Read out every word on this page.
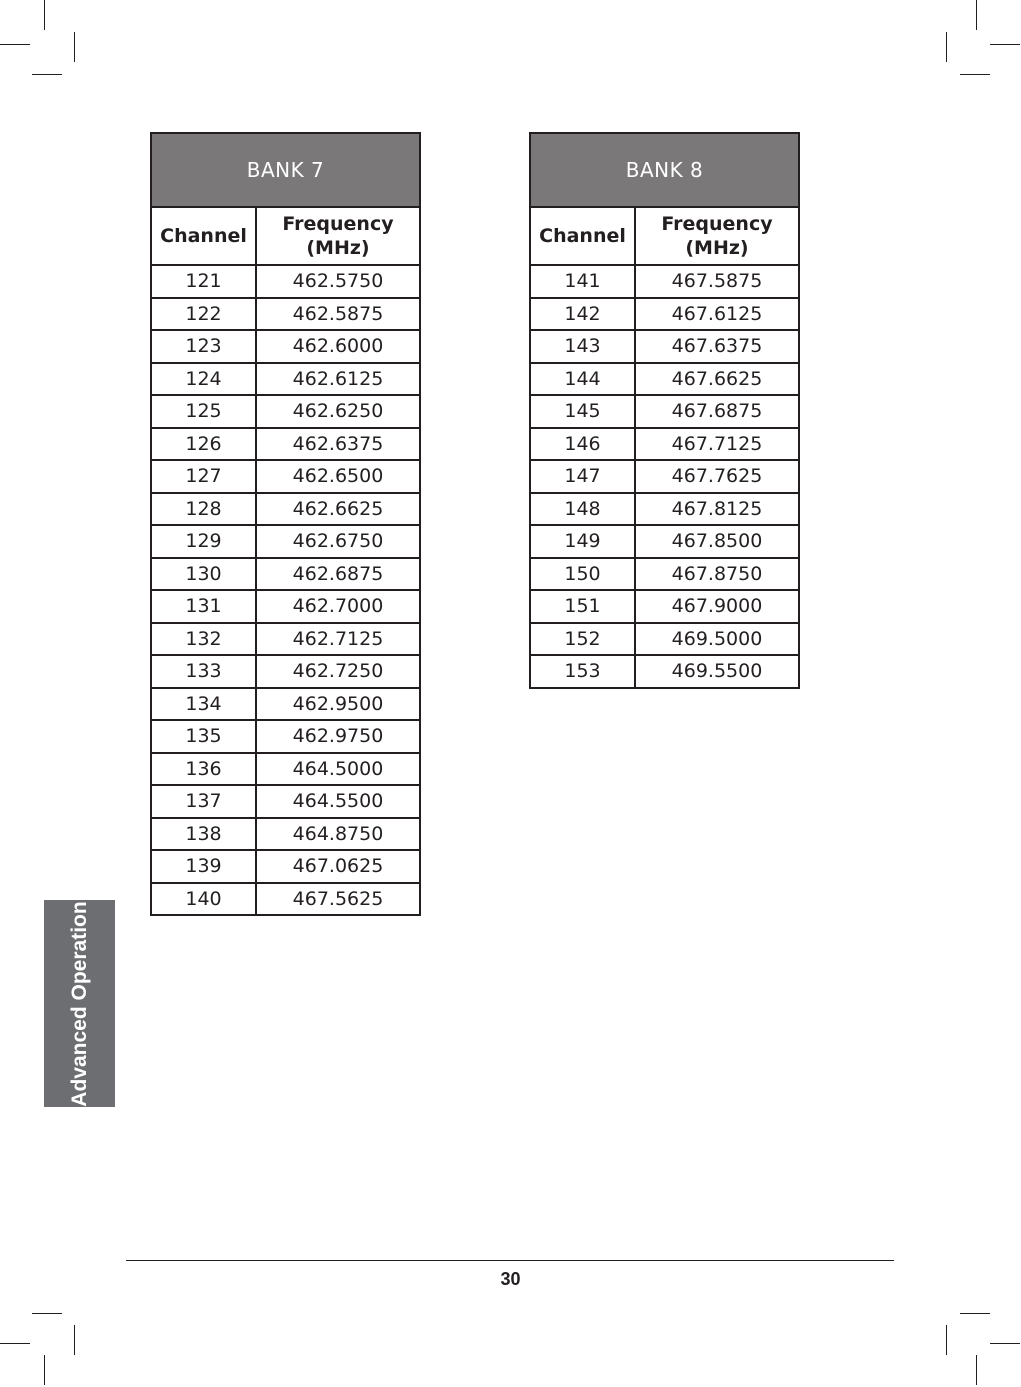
BANK 7	
Channel	Frequency (MHz)
121	462.5750
122	462.5875
123	462.6000
124	462.6125
125	462.6250
126	462.6375
127	462.6500
128	462.6625
129	462.6750
130	462.6875
131	462.7000
132	462.7125
133	462.7250
134	462.9500
135	462.9750
136	464.5000
137	464.5500
138	464.8750
139	467.0625
140	467.5625
BANK 8	
Channel	Frequency (MHz)
141	467.5875
142	467.6125
143	467.6375
144	467.6625
145	467.6875
146	467.7125
147	467.7625
148	467.8125
149	467.8500
150	467.8750
151	467.9000
152	469.5000
153	469.5500
Advanced Operation
30
